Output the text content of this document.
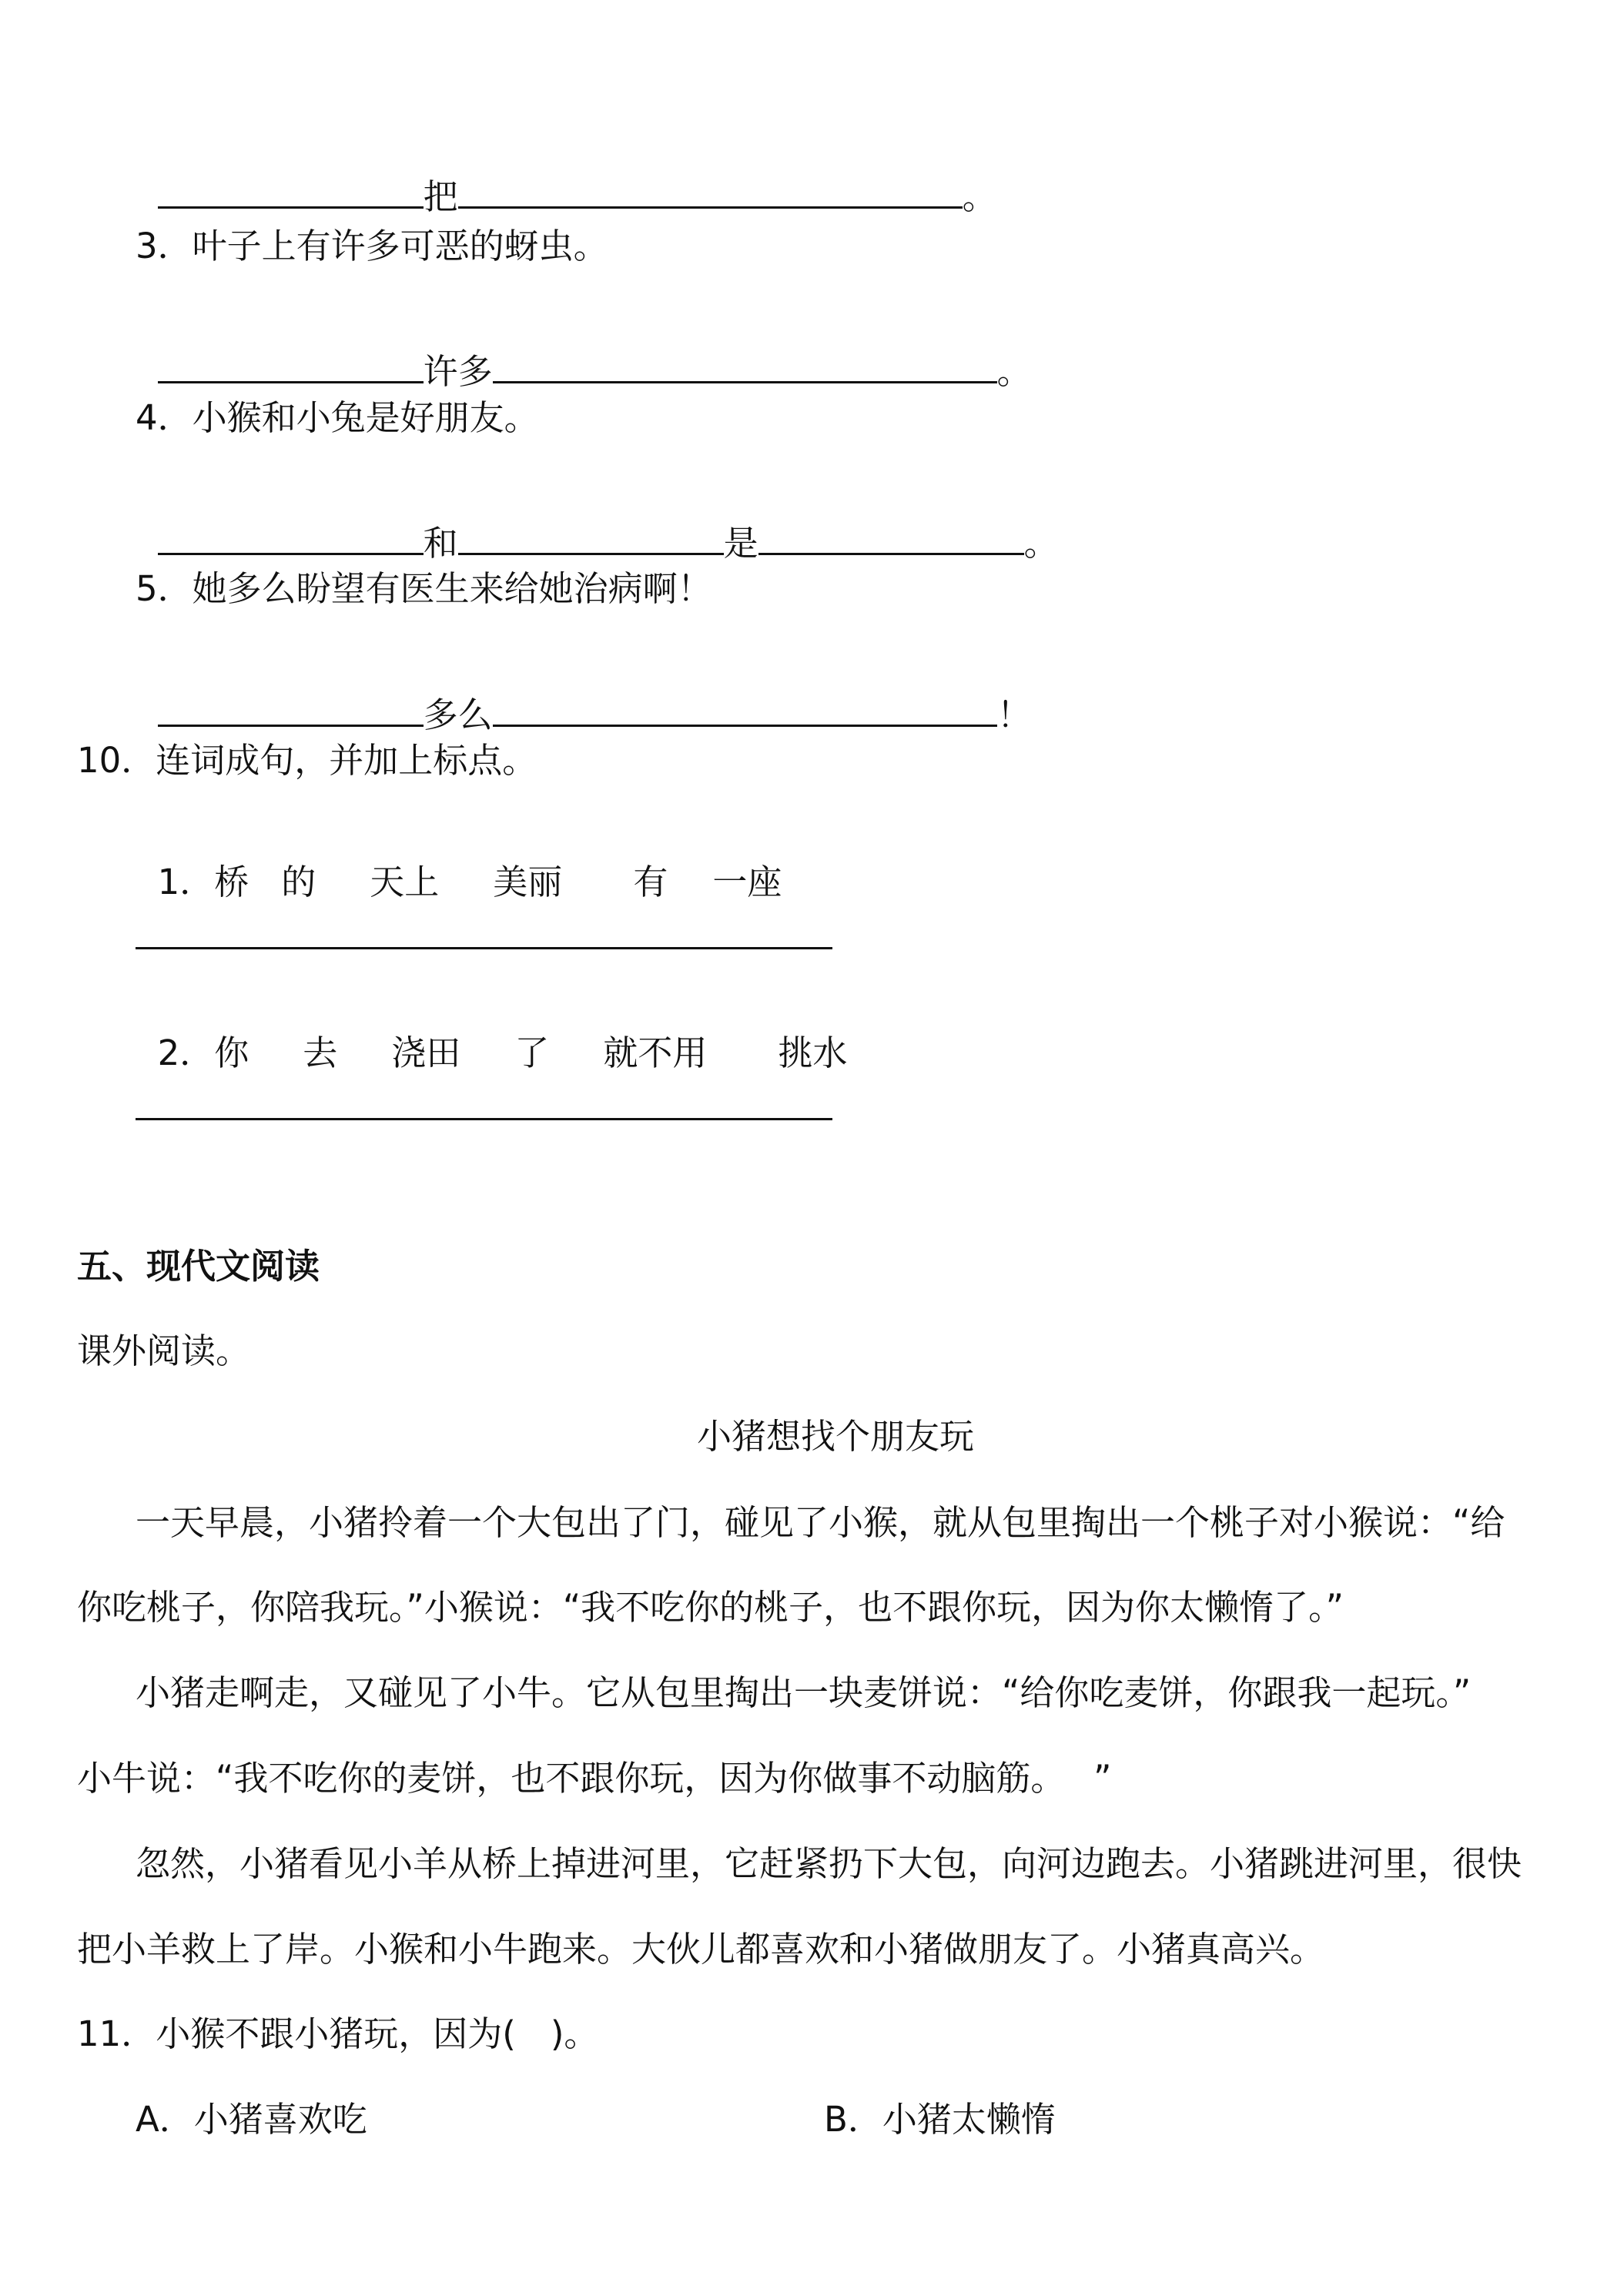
把	。

3．叶子上有许多可恶的蚜虫。

许多	。

4．小猴和小兔是好朋友。

和	是	。

5．她多么盼望有医生来给她治病啊！

多么	！

10．连词成句，并加上标点。

1．桥 的 天上 美丽 有 一座

2．你 去 浇田 了 就不用 挑水

五、现代文阅读
课外阅读。
小猪想找个朋友玩
一天早晨，小猪拎着一个大包出了门，碰见了小猴，就从包里掏出一个桃子对小猴说：“给
你吃桃子，你陪我玩。”小猴说：“我不吃你的桃子，也不跟你玩，因为你太懒惰了。”
小猪走啊走，又碰见了小牛。它从包里掏出一块麦饼说：“给你吃麦饼，你跟我一起玩。”
小牛说：“我不吃你的麦饼，也不跟你玩，因为你做事不动脑筋。　 ”
忽然，小猪看见小羊从桥上掉进河里，它赶紧扔下大包，向河边跑去。小猪跳进河里，很快
把小羊救上了岸。小猴和小牛跑来。大伙儿都喜欢和小猪做朋友了。小猪真高兴。
11．小猴不跟小猪玩，因为(　)。
A．小猪喜欢吃	B．小猪太懒惰
